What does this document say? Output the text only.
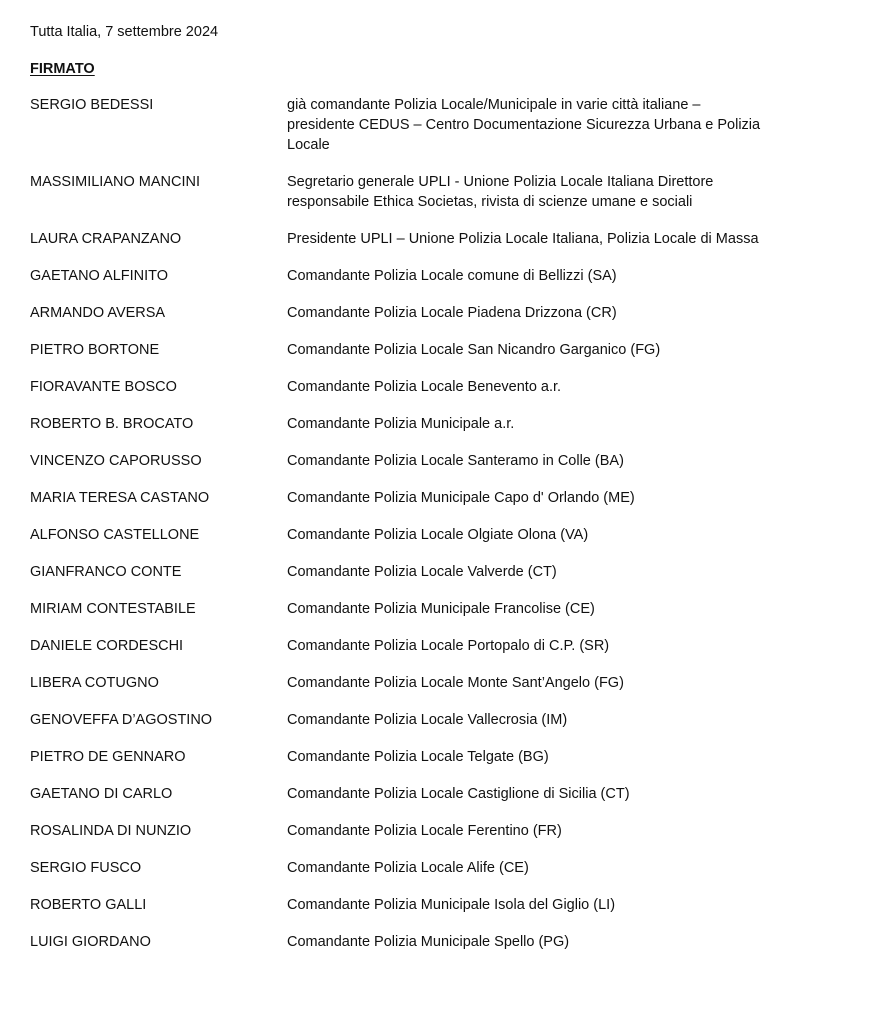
Tutta Italia, 7 settembre 2024
FIRMATO
SERGIO BEDESSI	già comandante Polizia Locale/Municipale in varie città italiane –
presidente CEDUS – Centro Documentazione Sicurezza Urbana e Polizia
Locale
MASSIMILIANO MANCINI	Segretario generale UPLI - Unione Polizia Locale Italiana Direttore
responsabile Ethica Societas, rivista di scienze umane e sociali
LAURA CRAPANZANO	Presidente UPLI – Unione Polizia Locale Italiana, Polizia Locale di Massa
GAETANO ALFINITO	Comandante Polizia Locale comune di Bellizzi (SA)
ARMANDO AVERSA	Comandante Polizia Locale Piadena Drizzona (CR)
PIETRO BORTONE	Comandante Polizia Locale San Nicandro Garganico (FG)
FIORAVANTE BOSCO	Comandante Polizia Locale Benevento a.r.
ROBERTO B. BROCATO	Comandante Polizia Municipale a.r.
VINCENZO CAPORUSSO	Comandante Polizia Locale Santeramo in Colle (BA)
MARIA TERESA CASTANO	Comandante Polizia Municipale Capo d' Orlando (ME)
ALFONSO CASTELLONE	Comandante Polizia Locale Olgiate Olona (VA)
GIANFRANCO CONTE	Comandante Polizia Locale Valverde (CT)
MIRIAM CONTESTABILE	Comandante Polizia Municipale Francolise (CE)
DANIELE CORDESCHI	Comandante Polizia Locale Portopalo di C.P. (SR)
LIBERA COTUGNO	Comandante Polizia Locale Monte Sant’Angelo (FG)
GENOVEFFA D’AGOSTINO	Comandante Polizia Locale Vallecrosia (IM)
PIETRO DE GENNARO	Comandante Polizia Locale Telgate (BG)
GAETANO DI CARLO	Comandante Polizia Locale Castiglione di Sicilia (CT)
ROSALINDA DI NUNZIO	Comandante Polizia Locale Ferentino (FR)
SERGIO FUSCO	Comandante Polizia Locale Alife (CE)
ROBERTO GALLI	Comandante Polizia Municipale Isola del Giglio (LI)
LUIGI GIORDANO	Comandante Polizia Municipale Spello (PG)
